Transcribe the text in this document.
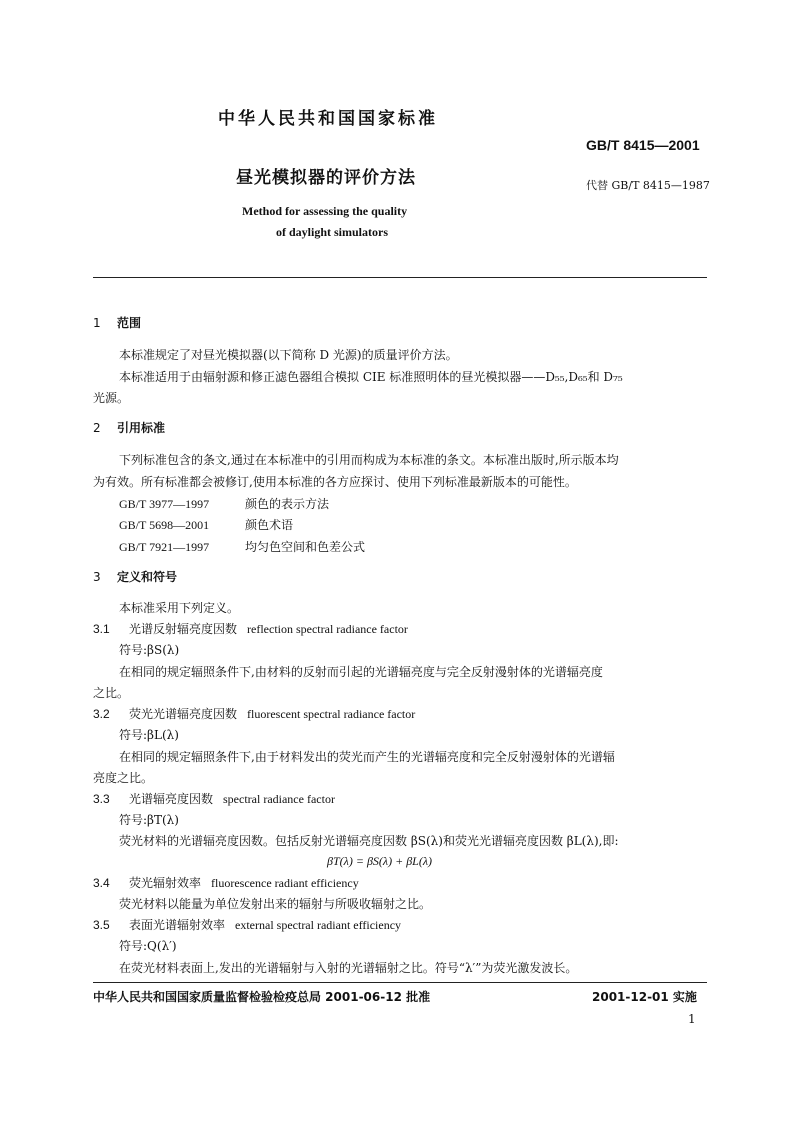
中华人民共和国国家标准
GB/T 8415—2001
昼光模拟器的评价方法	代替 GB/T 8415—1987
Method for assessing the quality
of daylight simulators
1 范围
本标准规定了对昼光模拟器(以下简称 D 光源)的质量评价方法。
本标准适用于由辐射源和修正滤色器组合模拟 CIE 标准照明体的昼光模拟器——D₅₅,D₆₅和 D₇₅
光源。
2 引用标准
下列标准包含的条文,通过在本标准中的引用而构成为本标准的条文。本标准出版时,所示版本均
为有效。所有标准都会被修订,使用本标准的各方应探讨、使用下列标准最新版本的可能性。
GB/T 3977—1997	颜色的表示方法
GB/T 5698—2001	颜色术语
GB/T 7921—1997	均匀色空间和色差公式
3 定义和符号
本标准采用下列定义。
3.1 光谱反射辐亮度因数 reflection spectral radiance factor
符号:βS(λ)
在相同的规定辐照条件下,由材料的反射而引起的光谱辐亮度与完全反射漫射体的光谱辐亮度
之比。
3.2 荧光光谱辐亮度因数 fluorescent spectral radiance factor
符号:βL(λ)
在相同的规定辐照条件下,由于材料发出的荧光而产生的光谱辐亮度和完全反射漫射体的光谱辐
亮度之比。
3.3 光谱辐亮度因数 spectral radiance factor
符号:βT(λ)
荧光材料的光谱辐亮度因数。包括反射光谱辐亮度因数 βS(λ)和荧光光谱辐亮度因数 βL(λ),即:
βT(λ) = βS(λ) + βL(λ)
3.4 荧光辐射效率 fluorescence radiant efficiency
荧光材料以能量为单位发射出来的辐射与所吸收辐射之比。
3.5 表面光谱辐射效率 external spectral radiant efficiency
符号:Q(λ′)
在荧光材料表面上,发出的光谱辐射与入射的光谱辐射之比。符号“λ′”为荧光激发波长。
中华人民共和国国家质量监督检验检疫总局 2001-06-12 批准	2001-12-01 实施
1
